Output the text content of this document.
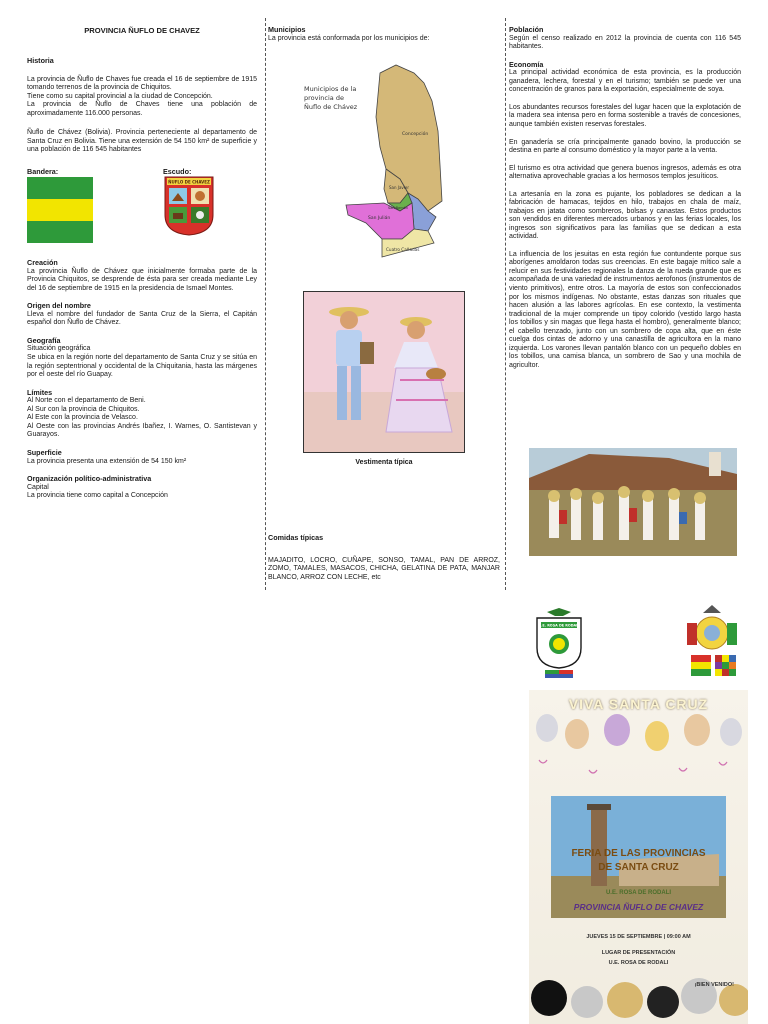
PROVINCIA ÑUFLO DE CHAVEZ
Historia

La provincia de Ñuflo de Chaves fue creada el 16 de septiembre de 1915 tomando terrenos de la provincia de Chiquitos.

Tiene como su capital provincial a la ciudad de Concepción.

La provincia de Ñuflo de Chaves tiene una población de aproximadamente 116.000 personas.

Ñuflo de Chávez (Bolivia). Provincia perteneciente al departamento de Santa Cruz en Bolivia. Tiene una extensión de 54 150 km² de superficie y una población de 116 545 habitantes

Bandera:	Escudo:
ÑUFLO DE CHAVEZ
Creación

La provincia Ñuflo de Chávez que inicialmente formaba parte de la Provincia Chiquitos, se desprende de ésta para ser creada mediante Ley del 16 de septiembre de 1915 en la presidencia de Ismael Montes.

Origen del nombre

Lleva el nombre del fundador de Santa Cruz de la Sierra, el Capitán español don Ñuflo de Chávez.

Geografía
Situación geográfica

Se ubica en la región norte del departamento de Santa Cruz y se sitúa en la región septentrional y occidental de la Chiquitania, hasta las márgenes por el oeste del río Guapay.

Límites
Al Norte con el departamento de Beni.
Al Sur con la provincia de Chiquitos.
Al Este con la provincia de Velasco.

Al Oeste con las provincias Andrés Ibañez, I. Warnes, O. Santistevan y Guarayos.

Superficie
La provincia presenta una extensión de 54 150 km²
Organización político-administrativa
Capital
La provincia tiene como capital a Concepción
Municipios
La provincia está conformada por los municipios de:
Municipios de la
provincia de
Ñuflo de Chávez
Concepción
San Javier
San Julián
Cuatro Cañadas
San Ramón
Vestimenta típica
Comidas típicas

MAJADITO, LOCRO, CUÑAPE, SONSO, TAMAL, PAN DE ARROZ, ZOMO, TAMALES, MASACOS, CHICHA, GELATINA DE PATA, MANJAR BLANCO, ARROZ CON LECHE, etc

Población

Según el censo realizado en 2012 la provincia de cuenta con 116 545 habitantes.

Economía

La principal actividad económica de esta provincia, es la producción ganadera, lechera, forestal y en el turismo; también se puede ver una concentración de granos para la exportación, especialmente de soya.

Los abundantes recursos forestales del lugar hacen que la explotación de la madera sea intensa pero en forma sostenible a través de concesiones, aunque también existen reservas forestales.

En ganadería se cría principalmente ganado bovino, la producción se destina en parte al consumo doméstico y la mayor parte a la venta.

El turismo es otra actividad que genera buenos ingresos, además es otra alternativa aprovechable gracias a los hermosos templos jesuíticos.

La artesanía en la zona es pujante, los pobladores se dedican a la fabricación de hamacas, tejidos en hilo, trabajos en chala de maíz, trabajos en jatata como sombreros, bolsas y canastas. Estos productos son vendidos en diferentes mercados urbanos y en las ferias locales, los ingresos son significativos para las familias que se dedican a esta actividad.

La influencia de los jesuitas en esta región fue contundente porque sus aborígenes amoldaron todas sus creencias. En este bagaje mítico sale a relucir en sus festividades regionales la danza de la rueda grande que es acompañada de una variedad de instrumentos aerofonos (instrumentos de viento primitivos), entre otros. La mayoría de estos son confeccionados por los mismos indígenas. No obstante, estas danzas son rituales que hacen alusión a las labores agrícolas. En ese contexto, la vestimenta tradicional de la mujer comprende un tipoy colorido (vestido largo hasta los tobillos y sin magas que llega hasta el hombro), generalmente blanco; el cabello trenzado, junto con un sombrero de copa alta, que en éste cuelga dos cintas de adorno y una canastilla de agricultora en la mano izquierda. Los varones llevan pantalón blanco con un pequeño dobles en los tobillos, una camisa blanca, un sombrero de Sao y una mochila de agricultor.

U.E. ROSA DE RODALI
VIVA SANTA CRUZ
FERIA DE LAS PROVINCIAS
DE SANTA CRUZ
U.E. ROSA DE RODALI
PROVINCIA ÑUFLO DE CHAVEZ
JUEVES 15 DE SEPTIEMBRE | 09:00 AM
LUGAR DE PRESENTACIÓN
U.E. ROSA DE RODALI
¡BIEN VENIDO!
